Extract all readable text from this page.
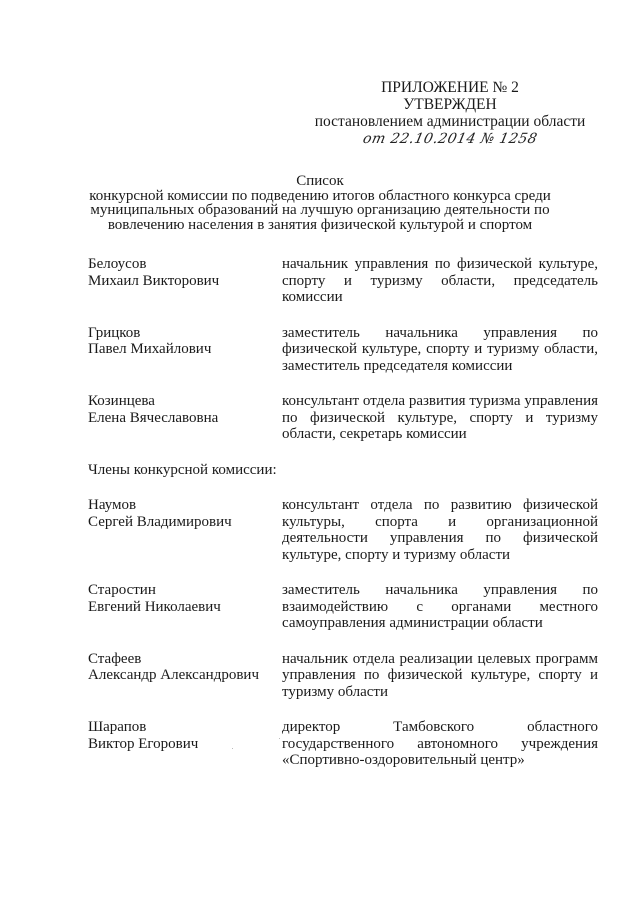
ПРИЛОЖЕНИЕ № 2
УТВЕРЖДЕН
постановлением администрации области
от 22.10.2014 № 1258
Список
конкурсной комиссии по подведению итогов областного конкурса среди
муниципальных образований на лучшую организацию деятельности по
вовлечению населения в занятия физической культурой и спортом
Белоусов
Михаил Викторович
начальник управления по физической культуре, спорту и туризму области, председатель комиссии
Грицков
Павел Михайлович
заместитель начальника управления по физической культуре, спорту и туризму области, заместитель председателя комиссии
Козинцева
Елена Вячеславовна
консультант отдела развития туризма управления по физической культуре, спорту и туризму области, секретарь комиссии
Члены конкурсной комиссии:
Наумов
Сергей Владимирович
консультант отдела по развитию физической культуры, спорта и организационной деятельности управления по физической культуре, спорту и туризму области
Старостин
Евгений Николаевич
заместитель начальника управления по взаимодействию с органами местного самоуправления администрации области
Стафеев
Александр Александрович
начальник отдела реализации целевых программ управления по физической культуре, спорту и туризму области
Шарапов
Виктор Егорович
директор Тамбовского областного государственного автономного учреждения «Спортивно-оздоровительный центр»
